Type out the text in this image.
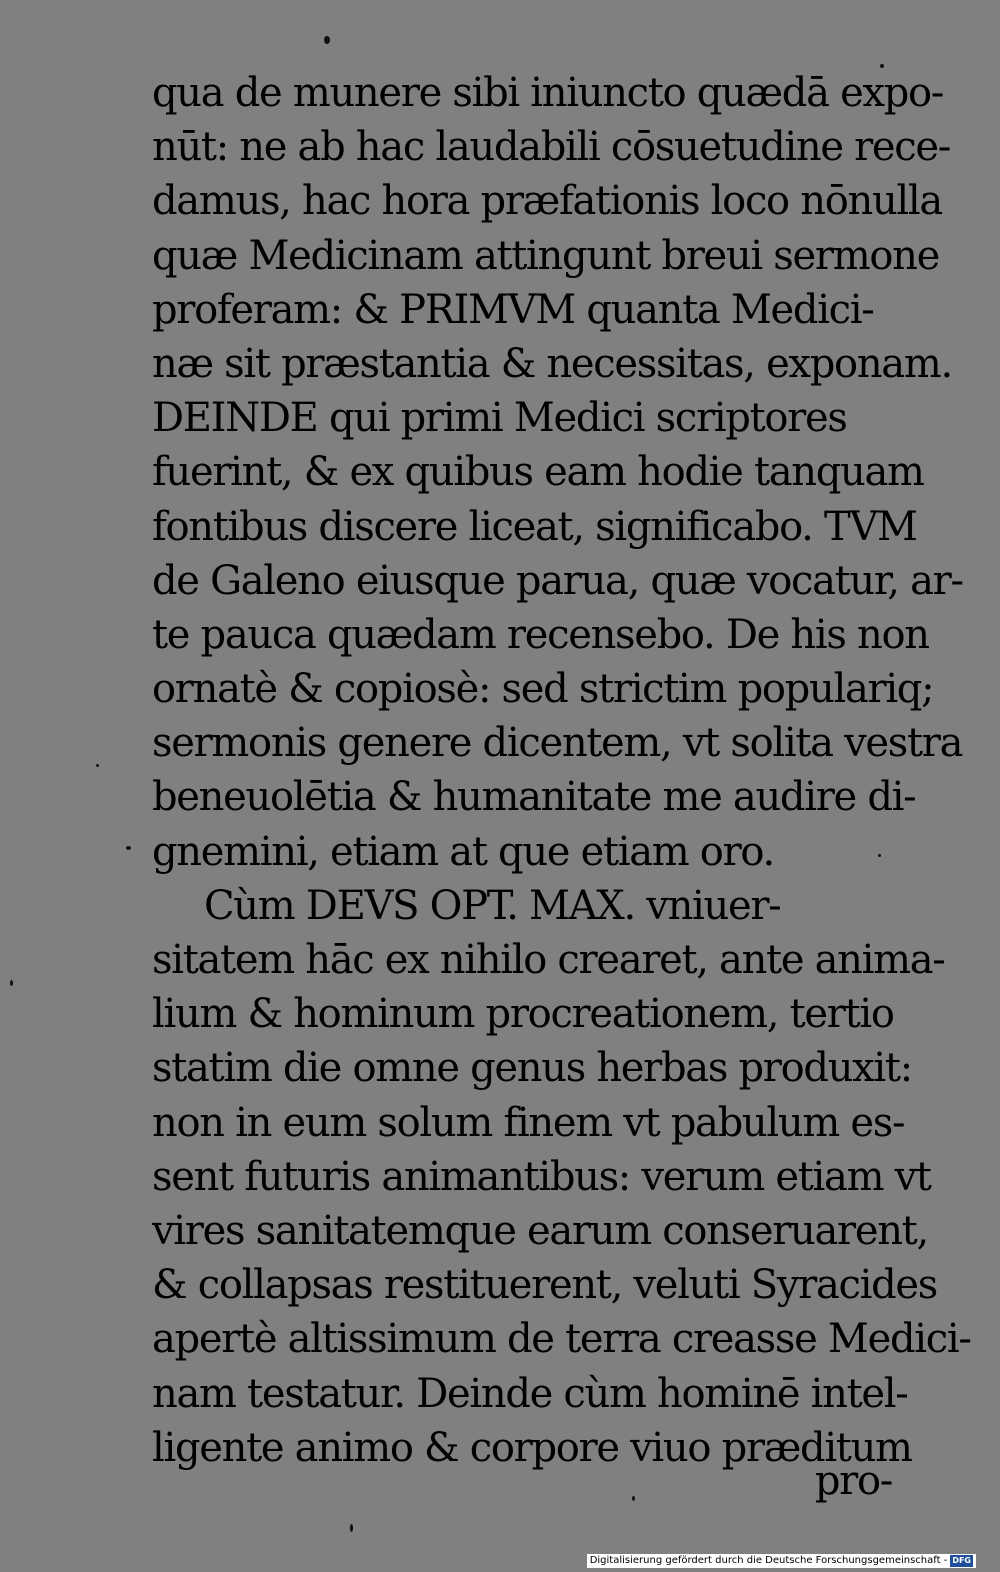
qua de munere sibi iniuncto quædā expo-
nūt: ne ab hac laudabili cōsuetudine rece-
damus, hac hora præfationis loco nōnulla
quæ Medicinam attingunt breui sermone
proferam: & PRIMVM quanta Medici-
næ sit præstantia & necessitas, exponam.
DEINDE qui primi Medici scriptores
fuerint, & ex quibus eam hodie tanquam
fontibus discere liceat, significabo. TVM
de Galeno eiusque parua, quæ vocatur, ar-
te pauca quædam recensebo. De his non
ornatè & copiosè: sed strictim populariq;
sermonis genere dicentem, vt solita vestra
beneuolētia & humanitate me audire di-
gnemini, etiam at que etiam oro.
Cùm DEVS OPT. MAX. vniuer-
sitatem hāc ex nihilo crearet, ante anima-
lium & hominum procreationem, tertio
statim die omne genus herbas produxit:
non in eum solum finem vt pabulum es-
sent futuris animantibus: verum etiam vt
vires sanitatemque earum conseruarent,
& collapsas restituerent, veluti Syracides
apertè altissimum de terra creasse Medici-
nam testatur. Deinde cùm hominē intel-
ligente animo & corpore viuo præditum
pro-
Digitalisierung gefördert durch die Deutsche Forschungsgemeinschaft - DFG
